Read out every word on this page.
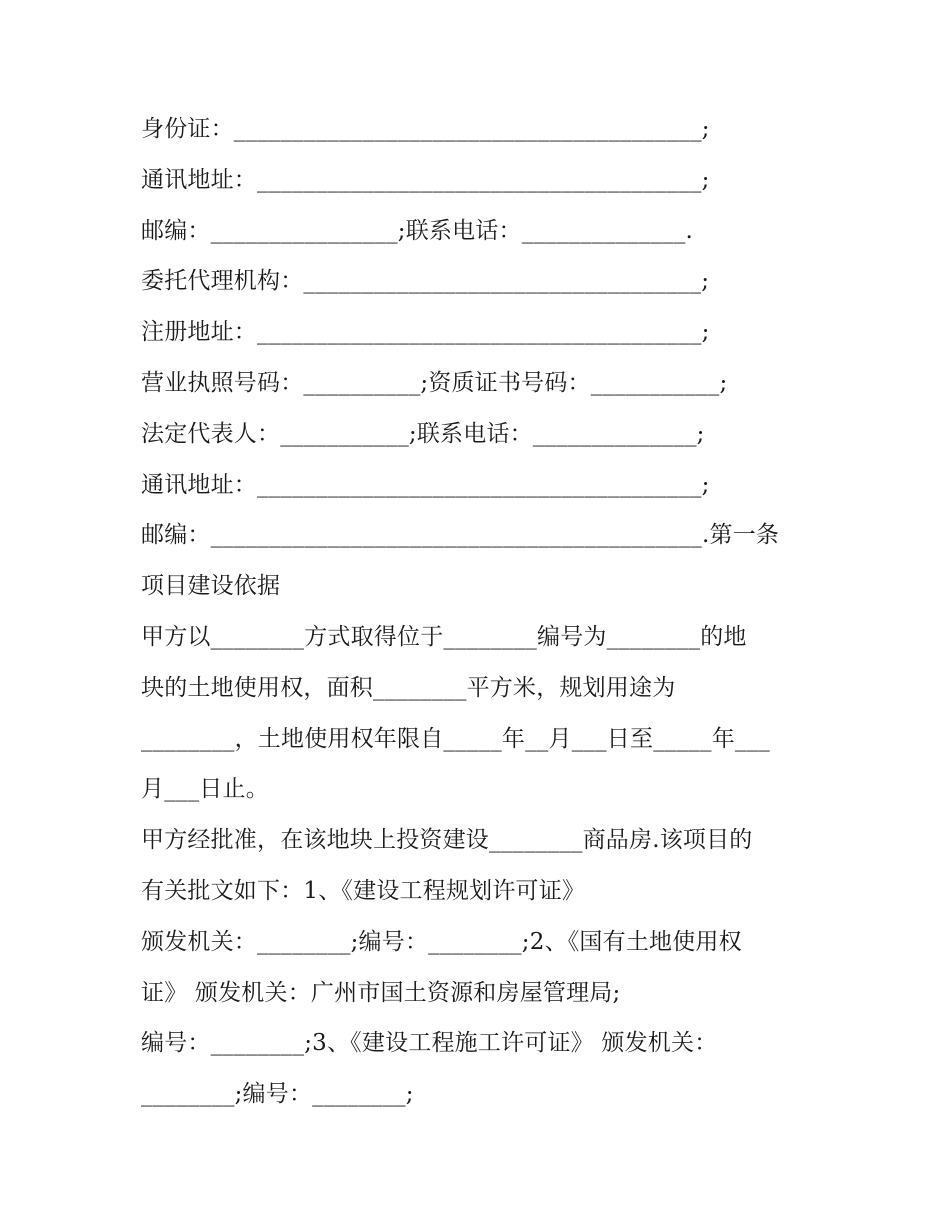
身份证：________________________________________;
通讯地址：______________________________________;
邮编：________________;联系电话：______________.
委托代理机构：__________________________________;
注册地址：______________________________________;
营业执照号码：__________;资质证书号码：___________;
法定代表人：___________;联系电话：______________;
通讯地址：______________________________________;
邮编：__________________________________________.第一条
项目建设依据
甲方以________方式取得位于________编号为________的地
块的土地使用权，面积________平方米，规划用途为
________，土地使用权年限自_____年__月___日至_____年___
月___日止。
甲方经批准，在该地块上投资建设________商品房.该项目的
有关批文如下：1、《建设工程规划许可证》
颁发机关：________;编号：________;2、《国有土地使用权
证》 颁发机关：广州市国土资源和房屋管理局;
编号：________;3、《建设工程施工许可证》 颁发机关：
________;编号：________;
